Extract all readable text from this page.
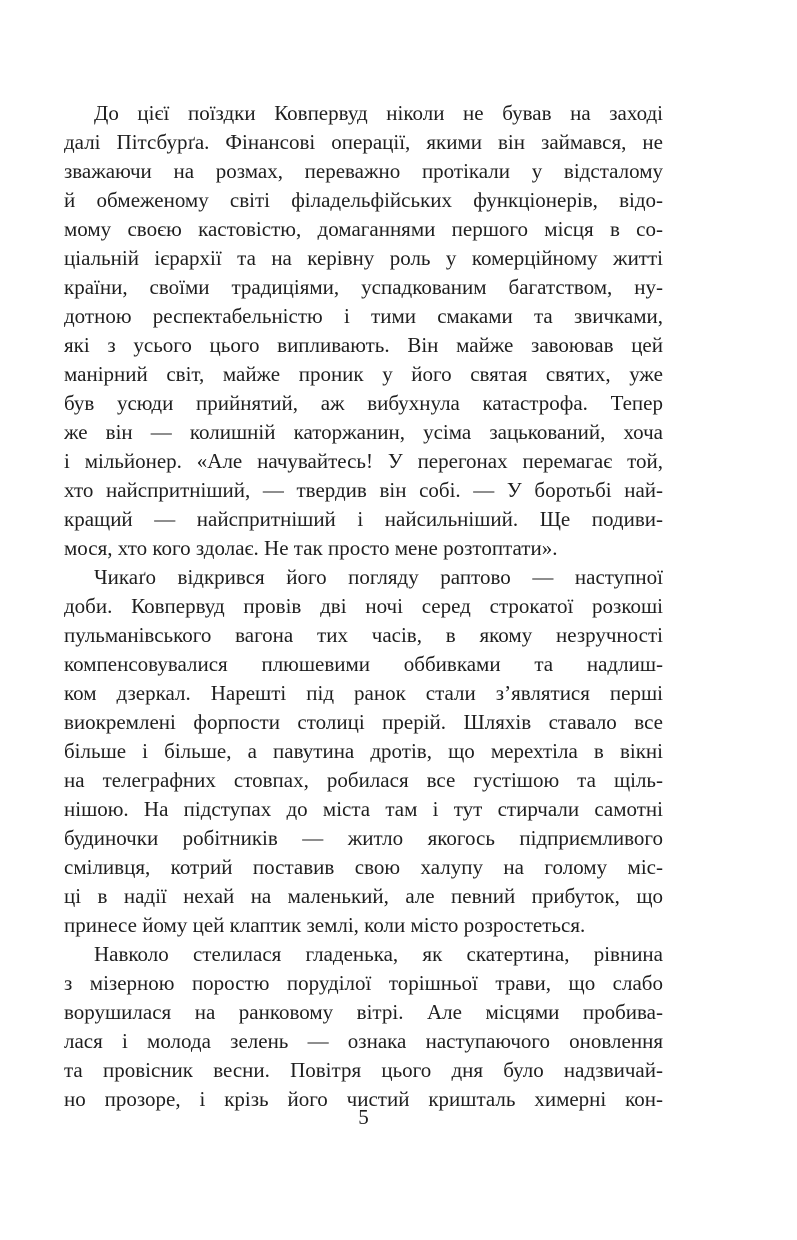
До цієї поїздки Ковпервуд ніколи не бував на заході
далі Пітсбурґа. Фінансові операції, якими він займався, не
зважаючи на розмах, переважно протікали у відсталому
й обмеженому світі філадельфійських функціонерів, відо-
мому своєю кастовістю, домаганнями першого місця в со-
ціальній ієрархії та на керівну роль у комерційному житті
країни, своїми традиціями, успадкованим багатством, ну-
дотною респектабельністю і тими смаками та звичками,
які з усього цього випливають. Він майже завоював цей
манірний світ, майже проник у його святая святих, уже
був усюди прийнятий, аж вибухнула катастрофа. Тепер
же він — колишній каторжанин, усіма зацькований, хоча
і мільйонер. «Але начувайтесь! У перегонах перемагає той,
хто найспритніший, — твердив він собі. — У боротьбі най-
кращий — найспритніший і найсильніший. Ще подиви-
мося, хто кого здолає. Не так просто мене розтоптати».
Чикаґо відкрився його погляду раптово — наступної
доби. Ковпервуд провів дві ночі серед строкатої розкоші
пульманівського вагона тих часів, в якому незручності
компенсовувалися плюшевими оббивками та надлиш-
ком дзеркал. Нарешті під ранок стали з’являтися перші
виокремлені форпости столиці прерій. Шляхів ставало все
більше і більше, а павутина дротів, що мерехтіла в вікні
на телеграфних стовпах, робилася все густішою та щіль-
нішою. На підступах до міста там і тут стирчали самотні
будиночки робітників — житло якогось підприємливого
сміливця, котрий поставив свою халупу на голому міс-
ці в надії нехай на маленький, але певний прибуток, що
принесе йому цей клаптик землі, коли місто розростеться.
Навколо стелилася гладенька, як скатертина, рівнина
з мізерною поростю поруділої торішньої трави, що слабо
ворушилася на ранковому вітрі. Але місцями пробива-
лася і молода зелень — ознака наступаючого оновлення
та провісник весни. Повітря цього дня було надзвичай-
но прозоре, і крізь його чистий кришталь химерні кон-
5
